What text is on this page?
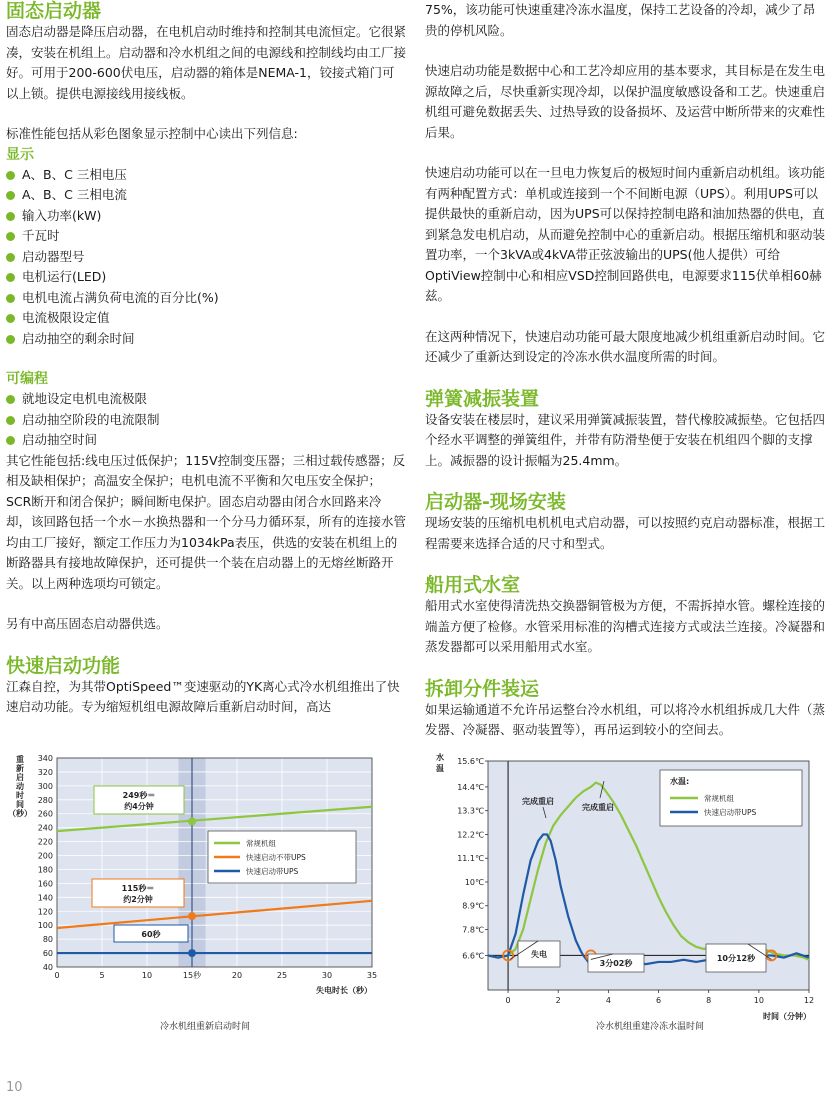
固态启动器

固态启动器是降压启动器，在电机启动时维持和控制其电流恒定。它很紧凑，安装在机组上。启动器和冷水机组之间的电源线和控制线均由工厂接好。可用于200-600伏电压，启动器的箱体是NEMA-1，铰接式箱门可以上锁。提供电源接线用接线板。

标准性能包括从彩色图象显示控制中心读出下列信息:

显示
A、B、C 三相电压
A、B、C 三相电流
输入功率(kW)
千瓦时
启动器型号
电机运行(LED)
电机电流占满负荷电流的百分比(%)
电流极限设定值
启动抽空的剩余时间
可编程
就地设定电机电流极限
启动抽空阶段的电流限制
启动抽空时间

其它性能包括:线电压过低保护；115V控制变压器；三相过载传感器；反相及缺相保护；高温安全保护；电机电流不平衡和欠电压安全保护；SCR断开和闭合保护；瞬间断电保护。固态启动器由闭合水回路来冷却，该回路包括一个水－水换热器和一个分马力循环泵，所有的连接水管均由工厂接好，额定工作压力为1034kPa表压，供选的安装在机组上的断路器具有接地故障保护，还可提供一个装在启动器上的无熔丝断路开关。以上两种选项均可锁定。

另有中高压固态启动器供选。

快速启动功能

江森自控，为其带OptiSpeed™变速驱动的YK离心式冷水机组推出了快速启动功能。专为缩短机组电源故障后重新启动时间，高达

75%，该功能可快速重建冷冻水温度，保持工艺设备的冷却，减少了昂贵的停机风险。

快速启动功能是数据中心和工艺冷却应用的基本要求，其目标是在发生电源故障之后，尽快重新实现冷却，以保护温度敏感设备和工艺。快速重启机组可避免数据丢失、过热导致的设备损坏、及运营中断所带来的灾难性后果。

快速启动功能可以在一旦电力恢复后的极短时间内重新启动机组。该功能有两种配置方式：单机或连接到一个不间断电源（UPS）。利用UPS可以提供最快的重新启动，因为UPS可以保持控制电路和油加热器的供电，直到紧急发电机启动，从而避免控制中心的重新启动。根据压缩机和驱动装置功率，一个3kVA或4kVA带正弦波输出的UPS(他人提供）可给OptiView控制中心和相应VSD控制回路供电，电源要求115伏单相60赫兹。

在这两种情况下，快速启动功能可最大限度地减少机组重新启动时间。它还减少了重新达到设定的冷冻水供水温度所需的时间。

弹簧减振装置

设备安装在楼层时，建议采用弹簧减振装置，替代橡胶减振垫。它包括四个经水平调整的弹簧组件，并带有防滑垫便于安装在机组四个脚的支撑上。减振器的设计振幅为25.4mm。

启动器-现场安装

现场安装的压缩机电机机电式启动器，可以按照约克启动器标准，根据工程需要来选择合适的尺寸和型式。

船用式水室

船用式水室使得清洗热交换器铜管极为方便，不需拆掉水管。螺栓连接的端盖方便了检修。水管采用标准的沟槽式连接方式或法兰连接。冷凝器和蒸发器都可以采用船用式水室。

拆卸分件装运

如果运输通道不允许吊运整台冷水机组，可以将冷水机组拆成几大件（蒸发器、冷凝器、驱动装置等），再吊运到较小的空间去。

40
60
80
100
120
140
160
180
200
220
240
260
280
300
320
340
0	5	10	15秒	20	25	30	35
重
新
启
动
时
间
（秒）
失电时长（秒）
冷水机组重新启动时间
249秒＝
约4分钟
115秒＝
约2分钟
60秒
常规机组
快速启动不带UPS
快速启动带UPS
6.6℃
7.8℃
8.9℃
10℃
11.1℃
12.2℃
13.3℃
14.4℃
15.6℃
0	2	4	6	8	10	12
水
温
时间（分钟）
冷水机组重建冷冻水温时间
完成重启
完成重启
失电
3分02秒
10分12秒
水温:
常规机组
快速启动带UPS
10
